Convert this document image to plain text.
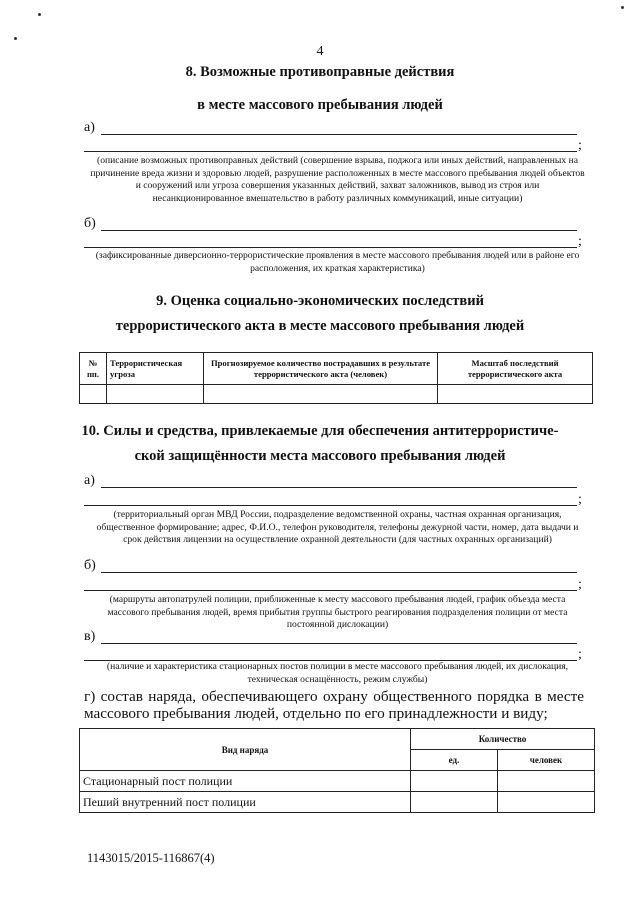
4
8. Возможные противоправные действия
в месте массового пребывания людей
а)
;
(описание возможных противоправных действий (совершение взрыва, поджога или иных действий, направленных на причинение вреда жизни и здоровью людей, разрушение расположенных в месте массового пребывания людей объектов и сооружений или угроза совершения указанных действий, захват заложников, вывод из строя или несанкционированное вмешательство в работу различных коммуникаций, иные ситуации)
б)
;
(зафиксированные диверсионно-террористические проявления в месте массового пребывания людей или в районе его расположения, их краткая характеристика)
9. Оценка социально-экономических последствий
террористического акта в месте массового пребывания людей
№ пп.	Террористическая угроза	Прогнозируемое количество пострадавших в результате террористического акта (человек)	Масштаб последствий террористического акта

10. Силы и средства, привлекаемые для обеспечения антитеррористиче-
ской защищённости места массового пребывания людей
а)
;
(территориальный орган МВД России, подразделение ведомственной охраны, частная охранная организация, общественное формирование; адрес, Ф.И.О., телефон руководителя, телефоны дежурной части, номер, дата выдачи и срок действия лицензии на осуществление охранной деятельности (для частных охранных организаций)
б)
;
(маршруты автопатрулей полиции, приближенные к месту массового пребывания людей, график объезда места массового пребывания людей, время прибытия группы быстрого реагирования подразделения полиции от места постоянной дислокации)
в)
;
(наличие и характеристика стационарных постов полиции в месте массового пребывания людей, их дислокация, техническая оснащённость, режим службы)
г) состав наряда, обеспечивающего охрану общественного порядка в месте массового пребывания людей, отдельно по его принадлежности и виду;
Вид наряда	Количество	
	ед.	человек
Стационарный пост полиции		
Пеший внутренний пост полиции		
1143015/2015-116867(4)
